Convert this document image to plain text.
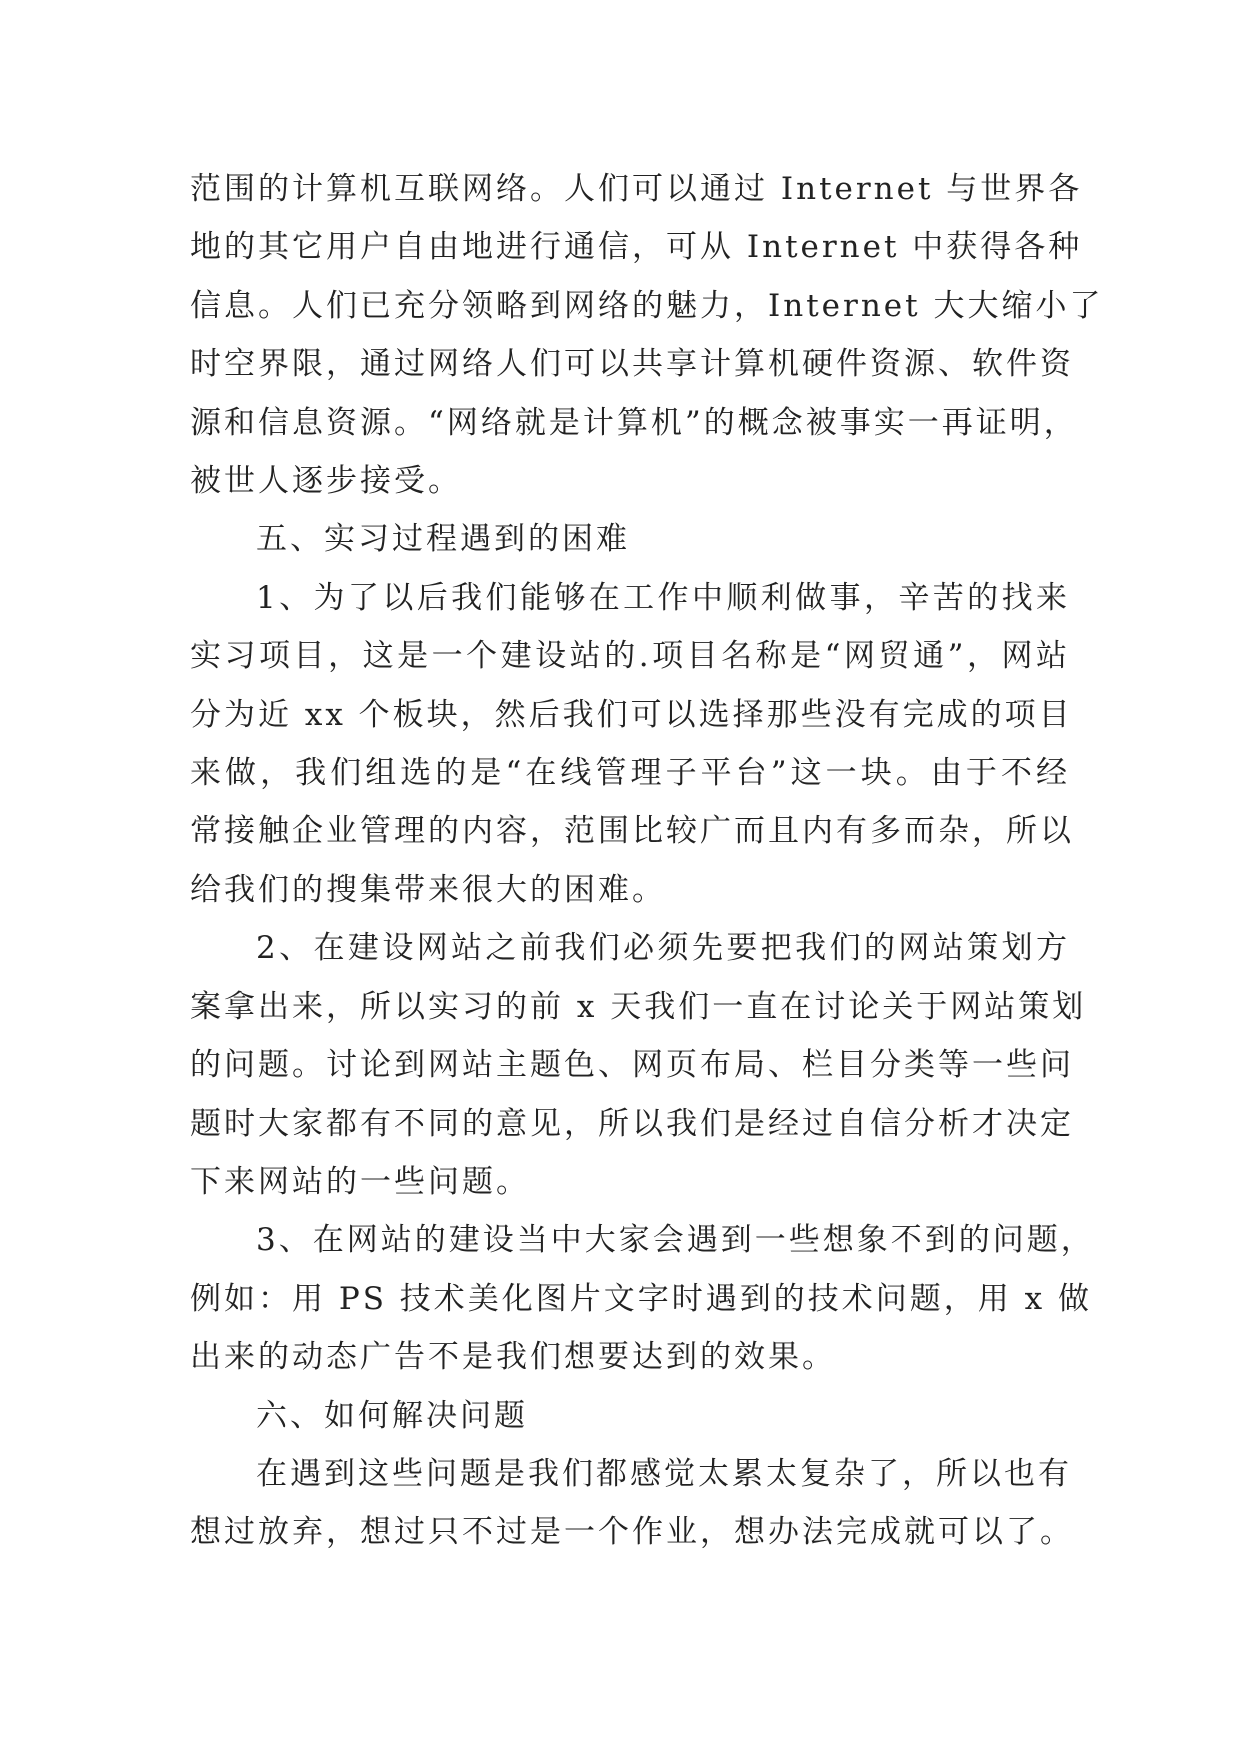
范围的计算机互联网络。人们可以通过 Internet 与世界各
地的其它用户自由地进行通信，可从 Internet 中获得各种
信息。人们已充分领略到网络的魅力，Internet 大大缩小了
时空界限，通过网络人们可以共享计算机硬件资源、软件资
源和信息资源。“网络就是计算机”的概念被事实一再证明，
被世人逐步接受。
五、实习过程遇到的困难
1、为了以后我们能够在工作中顺利做事，辛苦的找来
实习项目，这是一个建设站的.项目名称是“网贸通”，网站
分为近 xx 个板块，然后我们可以选择那些没有完成的项目
来做，我们组选的是“在线管理子平台”这一块。由于不经
常接触企业管理的内容，范围比较广而且内有多而杂，所以
给我们的搜集带来很大的困难。
2、在建设网站之前我们必须先要把我们的网站策划方
案拿出来，所以实习的前 x 天我们一直在讨论关于网站策划
的问题。讨论到网站主题色、网页布局、栏目分类等一些问
题时大家都有不同的意见，所以我们是经过自信分析才决定
下来网站的一些问题。
3、在网站的建设当中大家会遇到一些想象不到的问题，
例如：用 PS 技术美化图片文字时遇到的技术问题，用 x 做
出来的动态广告不是我们想要达到的效果。
六、如何解决问题
在遇到这些问题是我们都感觉太累太复杂了，所以也有
想过放弃，想过只不过是一个作业，想办法完成就可以了。
